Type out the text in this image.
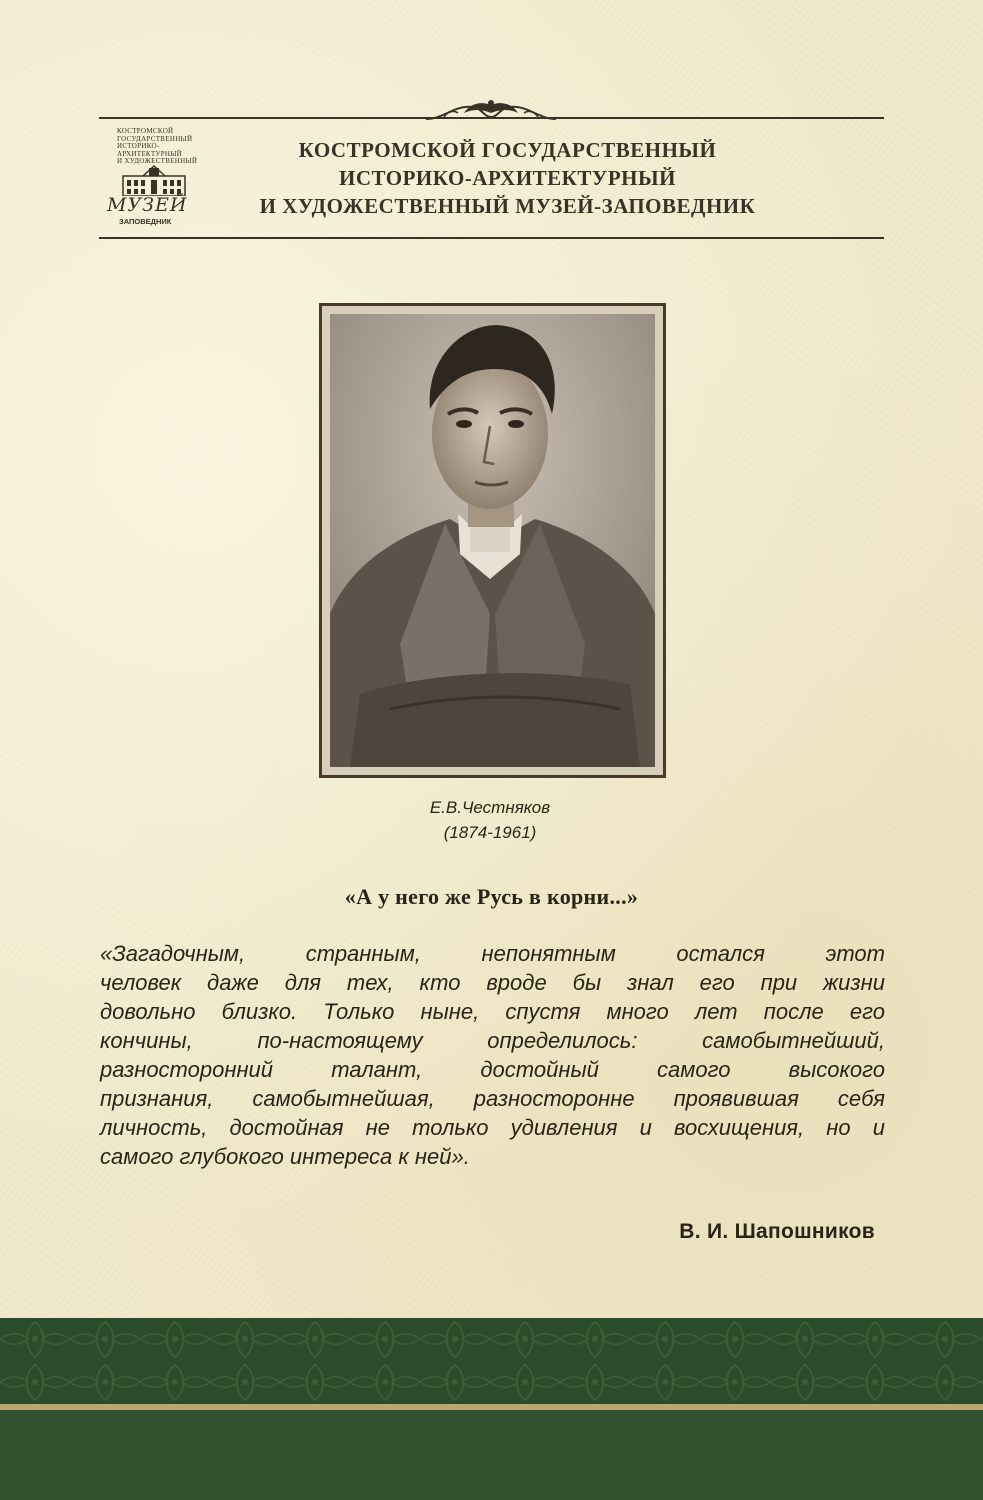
КОСТРОМСКОЙ
ГОСУДАРСТВЕННЫЙ
ИСТОРИКО-АРХИТЕКТУРНЫЙ
И ХУДОЖЕСТВЕННЫЙ
МУЗЕЙ
ЗАПОВЕДНИК
КОСТРОМСКОЙ ГОСУДАРСТВЕННЫЙ
ИСТОРИКО-АРХИТЕКТУРНЫЙ
И ХУДОЖЕСТВЕННЫЙ МУЗЕЙ-ЗАПОВЕДНИК
Е.В.Честняков
(1874-1961)
«А у него же Русь в корни...»
«Загадочным, странным, непонятным остался этот
человек даже для тех, кто вроде бы знал его при жизни
довольно близко. Только ныне, спустя много лет после его
кончины, по-настоящему определилось: самобытнейший,
разносторонний талант, достойный самого высокого
признания, самобытнейшая, разносторонне проявившая себя
личность, достойная не только удивления и восхищения, но и
самого глубокого интереса к ней».
В. И. Шапошников
